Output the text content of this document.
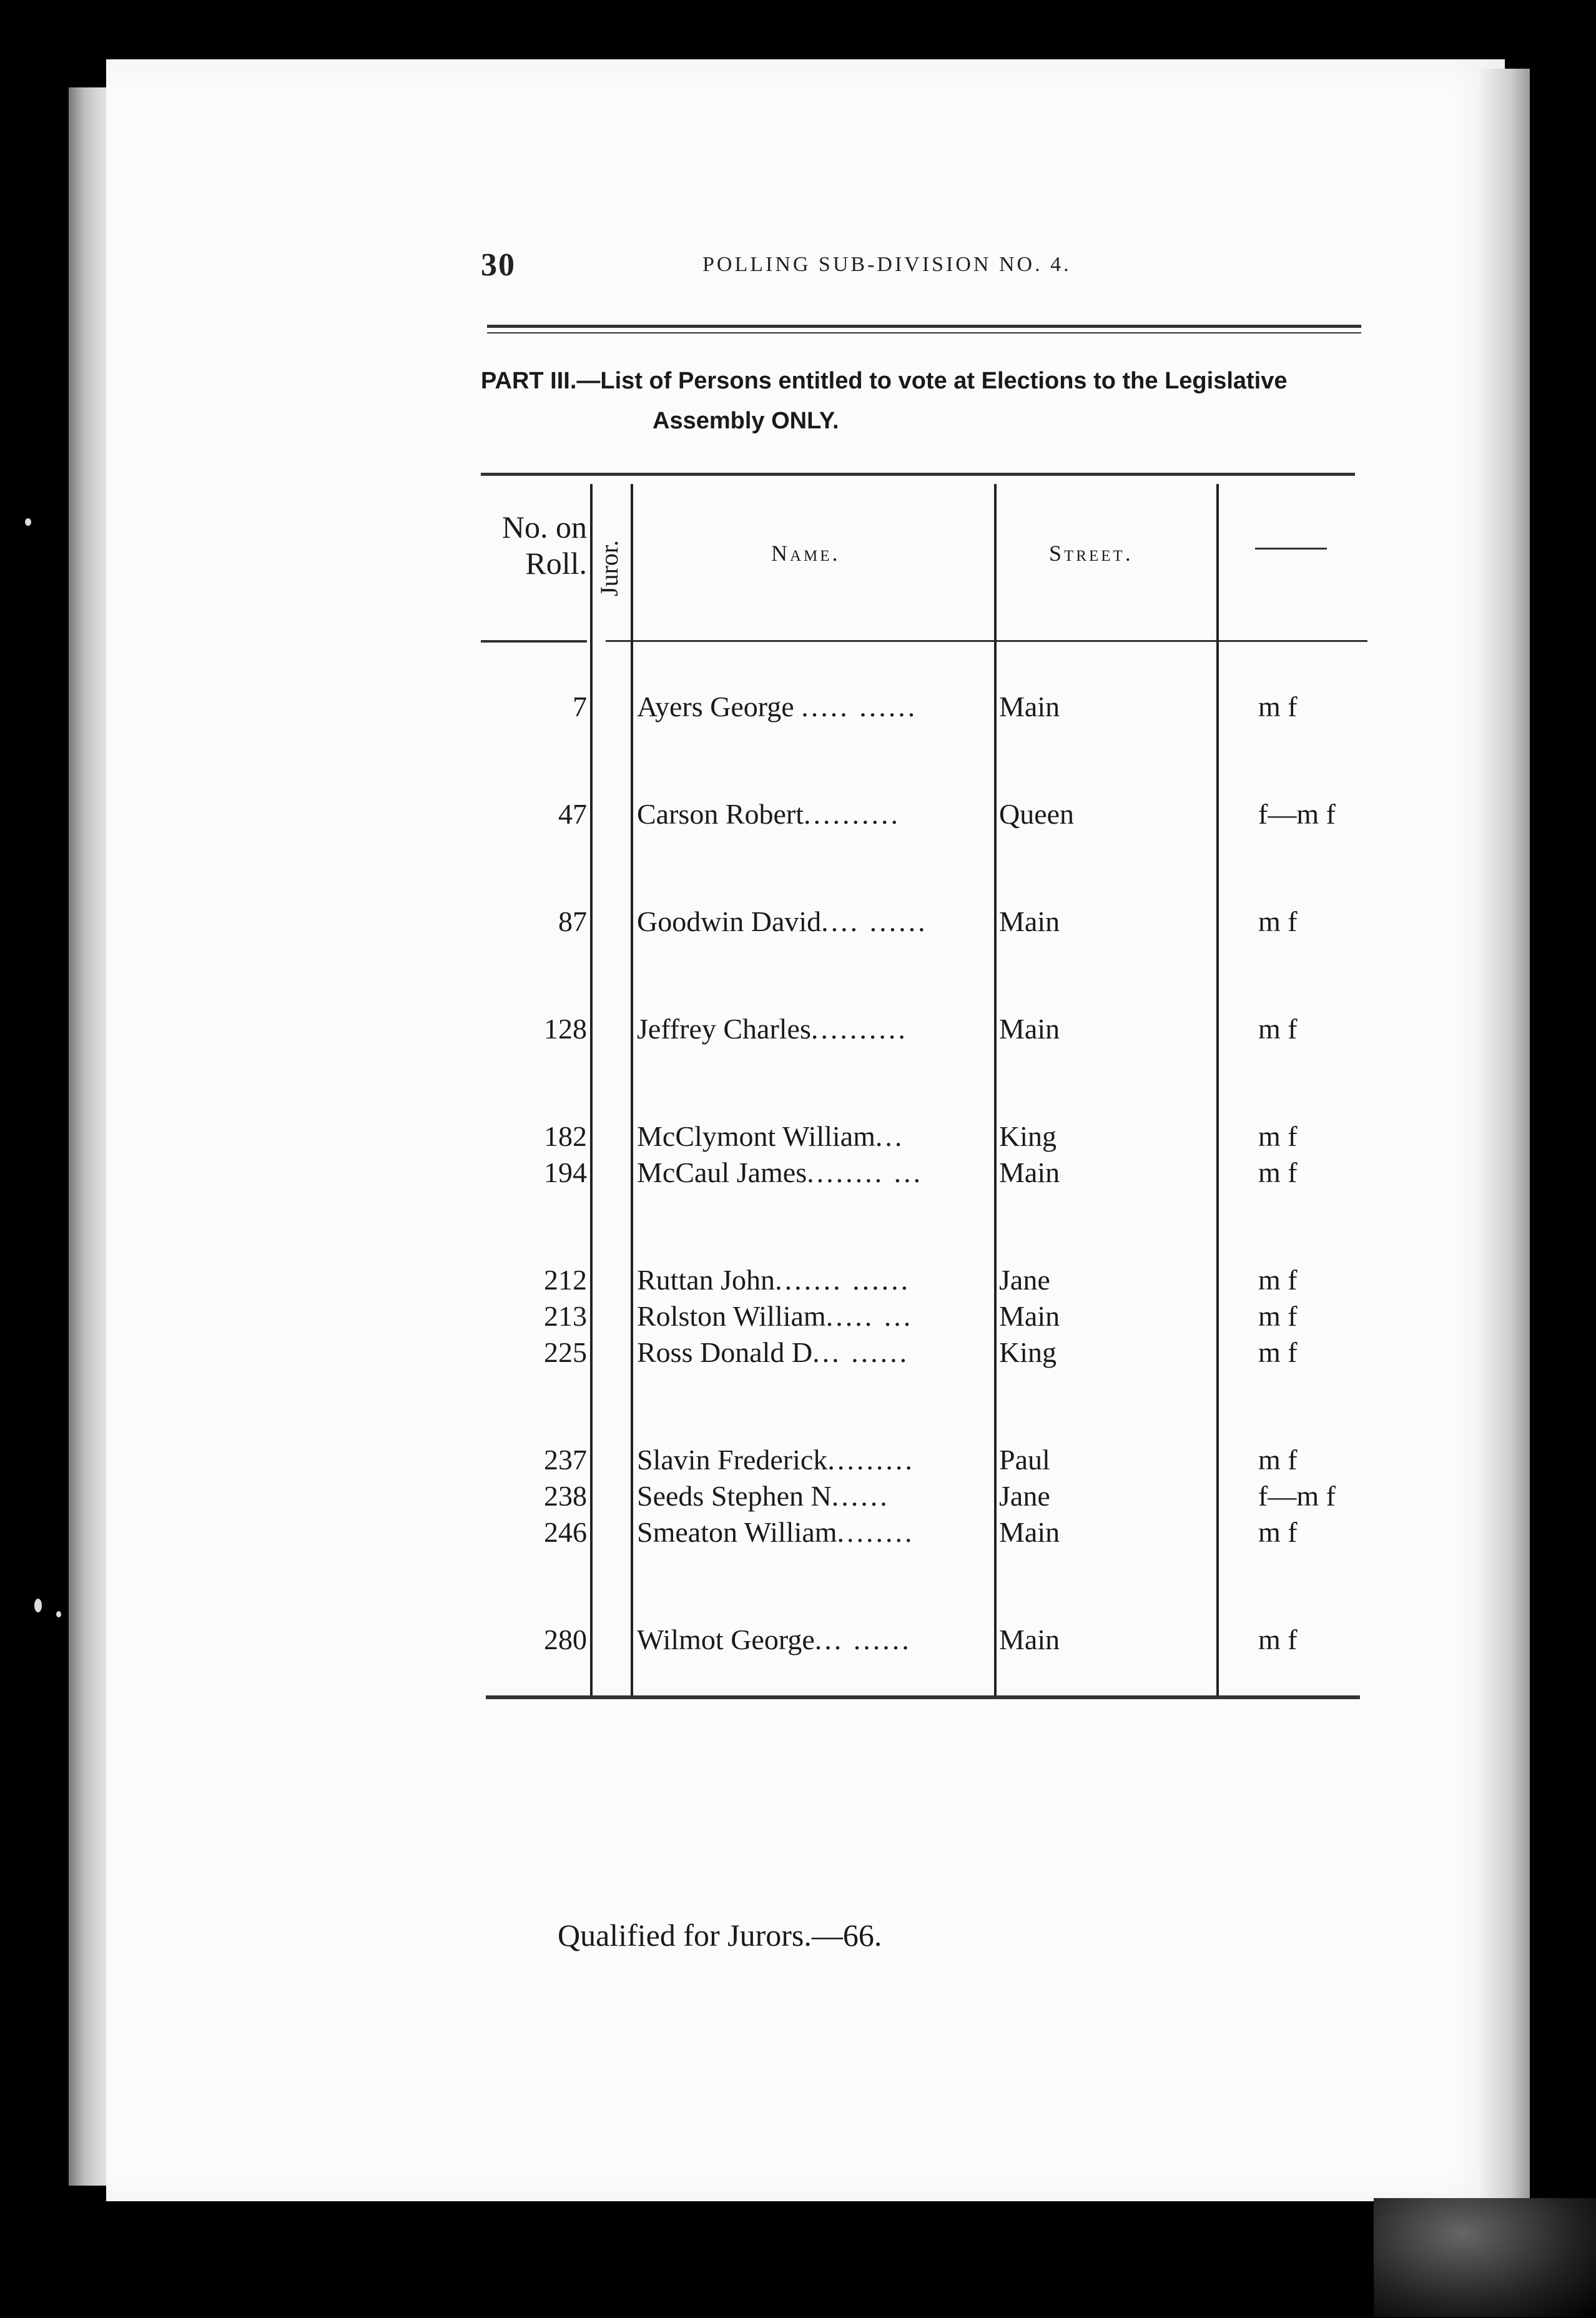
30	POLLING SUB-DIVISION NO. 4.
PART III.—List of Persons entitled to vote at Elections to the Legislative
Assembly ONLY.
No. on Roll. Juror.	Name.	Street.
7 Ayers George ..... ......	Main	m f
47 Carson Robert..........	Queen	f—m f
87 Goodwin David.... ......	Main	m f
128 Jeffrey Charles..........	Main	m f
182 McClymont William...	King	m f
194 McCaul James........ ...	Main	m f
212 Ruttan John....... ......	Jane	m f
213 Rolston William..... ...	Main	m f
225 Ross Donald D... ......	King	m f
237 Slavin Frederick.........	Paul	m f
238 Seeds Stephen N......	Jane	f—m f
246 Smeaton William........	Main	m f
280 Wilmot George... ......	Main	m f
Qualified for Jurors.—66.
